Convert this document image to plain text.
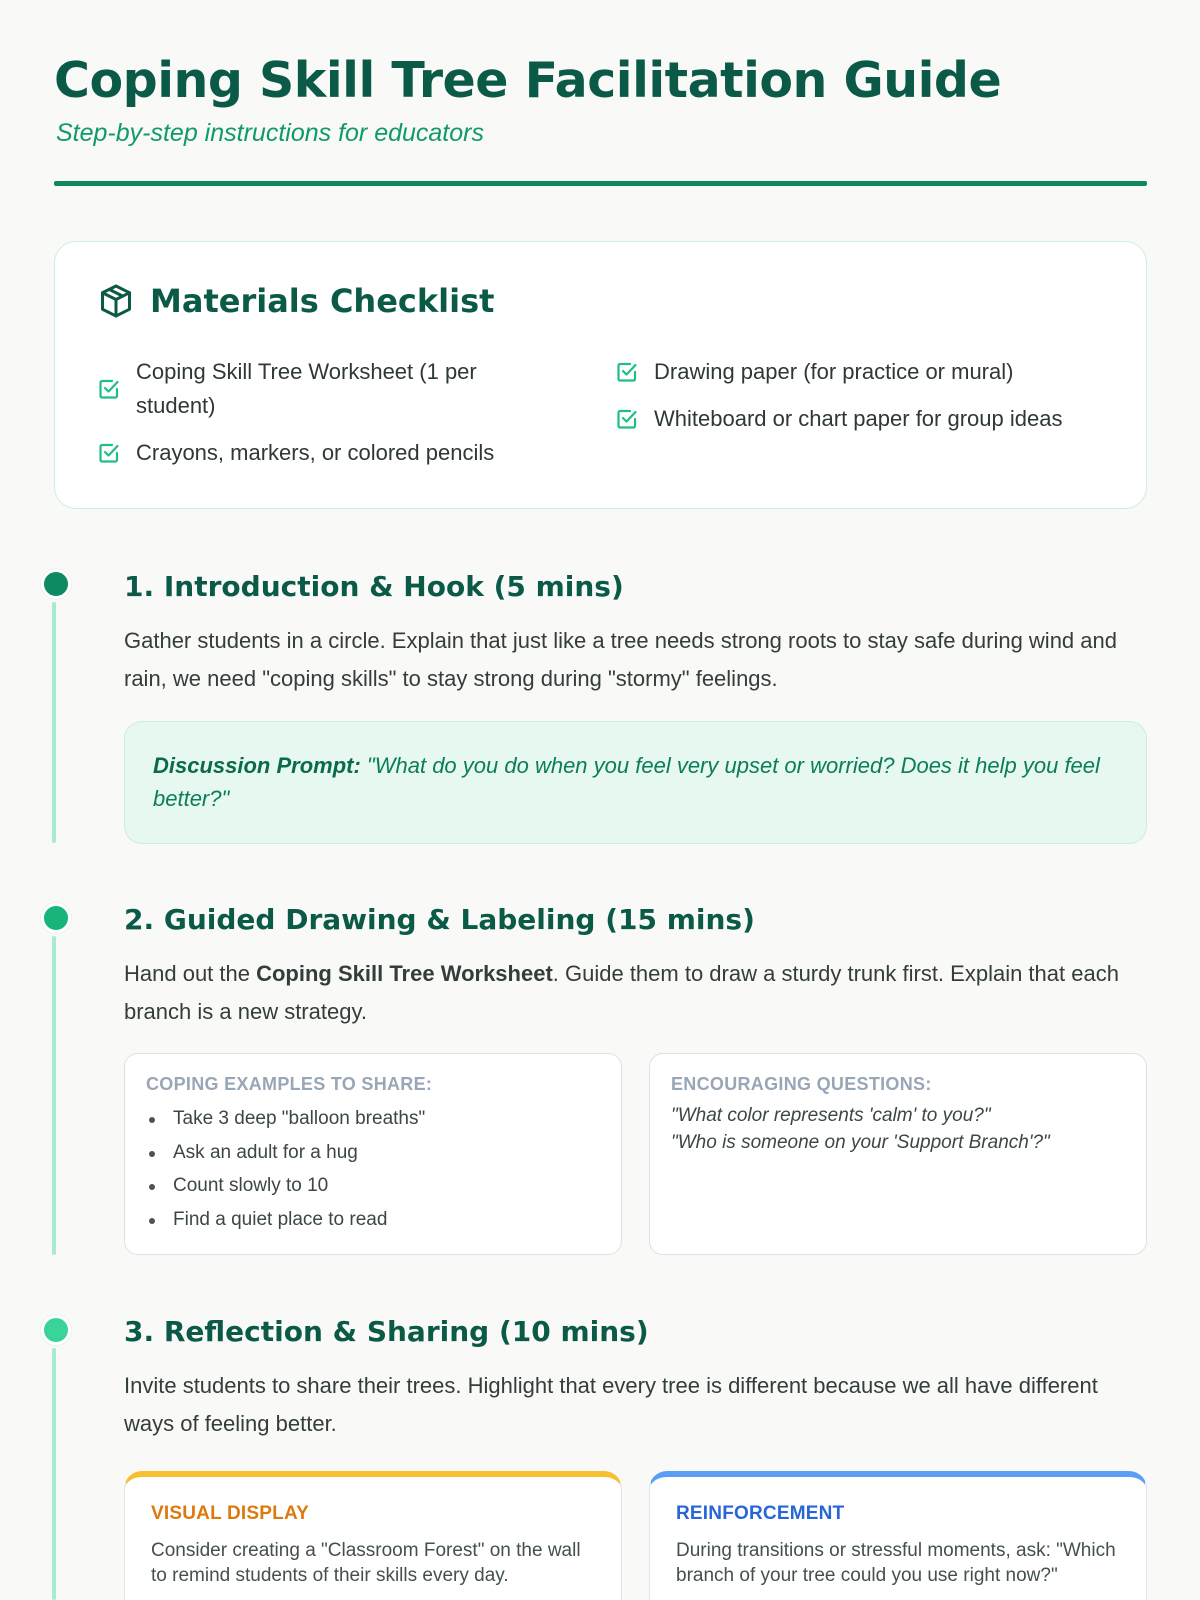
Coping Skill Tree Facilitation Guide
Step-by-step instructions for educators
Materials Checklist
Coping Skill Tree Worksheet (1 per student)
Crayons, markers, or colored pencils
Drawing paper (for practice or mural)
Whiteboard or chart paper for group ideas
1. Introduction & Hook (5 mins)

Gather students in a circle. Explain that just like a tree needs strong roots to stay safe during wind and rain, we need "coping skills" to stay strong during "stormy" feelings.

Discussion Prompt: "What do you do when you feel very upset or worried? Does it help you feel better?"
2. Guided Drawing & Labeling (15 mins)

Hand out the Coping Skill Tree Worksheet. Guide them to draw a sturdy trunk first. Explain that each branch is a new strategy.

COPING EXAMPLES TO SHARE:
Take 3 deep "balloon breaths"
Ask an adult for a hug
Count slowly to 10
Find a quiet place to read
ENCOURAGING QUESTIONS:
"What color represents 'calm' to you?"
"Who is someone on your 'Support Branch'?"
3. Reflection & Sharing (10 mins)

Invite students to share their trees. Highlight that every tree is different because we all have different ways of feeling better.

VISUAL DISPLAY
Consider creating a "Classroom Forest" on the wall to remind students of their skills every day.
REINFORCEMENT
During transitions or stressful moments, ask: "Which branch of your tree could you use right now?"
